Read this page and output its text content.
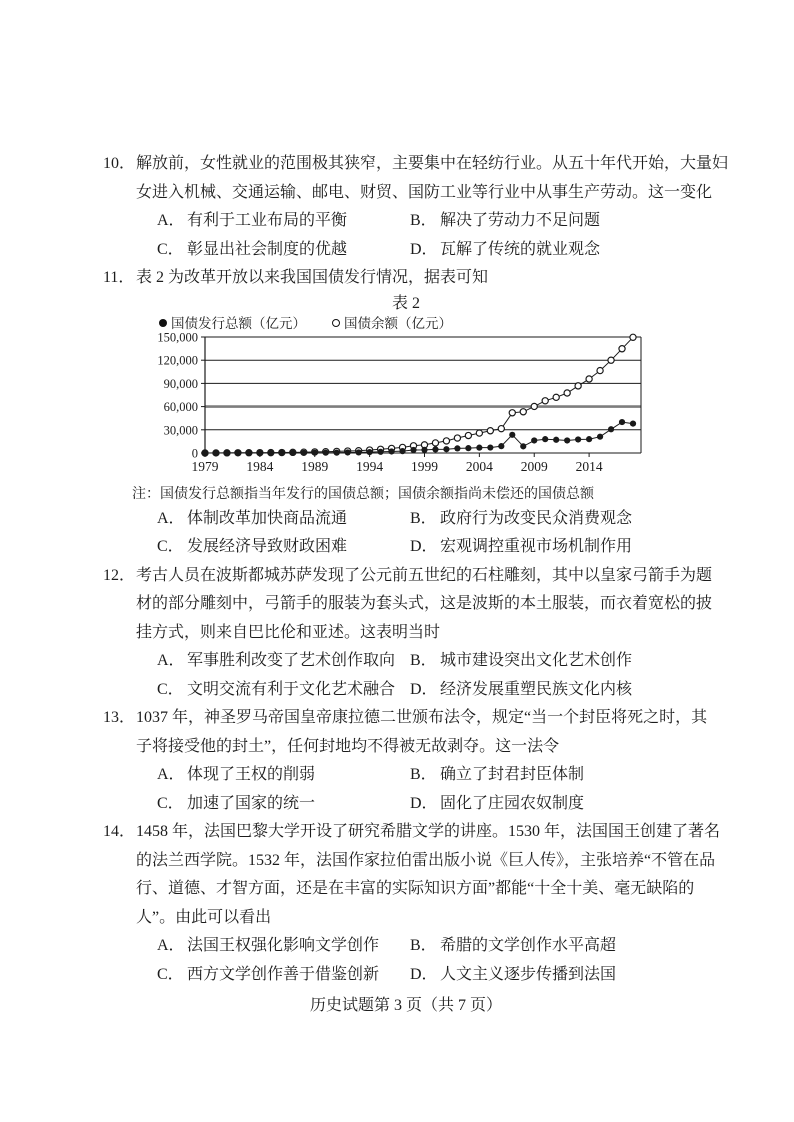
10．解放前，女性就业的范围极其狭窄，主要集中在轻纺行业。从五十年代开始，大量妇
女进入机械、交通运输、邮电、财贸、国防工业等行业中从事生产劳动。这一变化
A． 有利于工业布局的平衡	B． 解决了劳动力不足问题
C． 彰显出社会制度的优越	D． 瓦解了传统的就业观念
11．表 2 为改革开放以来我国国债发行情况，据表可知
表 2
国债发行总额（亿元）	国债余额（亿元）
0
30,000
60,000
90,000
120,000
150,000
1979 1984 1989 1994 1999 2004 2009 2014
注：国债发行总额指当年发行的国债总额；国债余额指尚未偿还的国债总额
A． 体制改革加快商品流通	B． 政府行为改变民众消费观念
C． 发展经济导致财政困难	D． 宏观调控重视市场机制作用
12．考古人员在波斯都城苏萨发现了公元前五世纪的石柱雕刻，其中以皇家弓箭手为题
材的部分雕刻中，弓箭手的服装为套头式，这是波斯的本土服装，而衣着宽松的披
挂方式，则来自巴比伦和亚述。这表明当时
A． 军事胜利改变了艺术创作取向 B． 城市建设突出文化艺术创作
C． 文明交流有利于文化艺术融合 D． 经济发展重塑民族文化内核
13．1037 年，神圣罗马帝国皇帝康拉德二世颁布法令，规定“当一个封臣将死之时，其
子将接受他的封土”，任何封地均不得被无故剥夺。这一法令
A． 体现了王权的削弱	B． 确立了封君封臣体制
C． 加速了国家的统一	D． 固化了庄园农奴制度
14．1458 年，法国巴黎大学开设了研究希腊文学的讲座。1530 年，法国国王创建了著名
的法兰西学院。1532 年，法国作家拉伯雷出版小说《巨人传》，主张培养“不管在品
行、道德、才智方面，还是在丰富的实际知识方面”都能“十全十美、毫无缺陷的
人”。由此可以看出
A． 法国王权强化影响文学创作	B． 希腊的文学创作水平高超
C． 西方文学创作善于借鉴创新	D． 人文主义逐步传播到法国
历史试题第 3 页（共 7 页）
